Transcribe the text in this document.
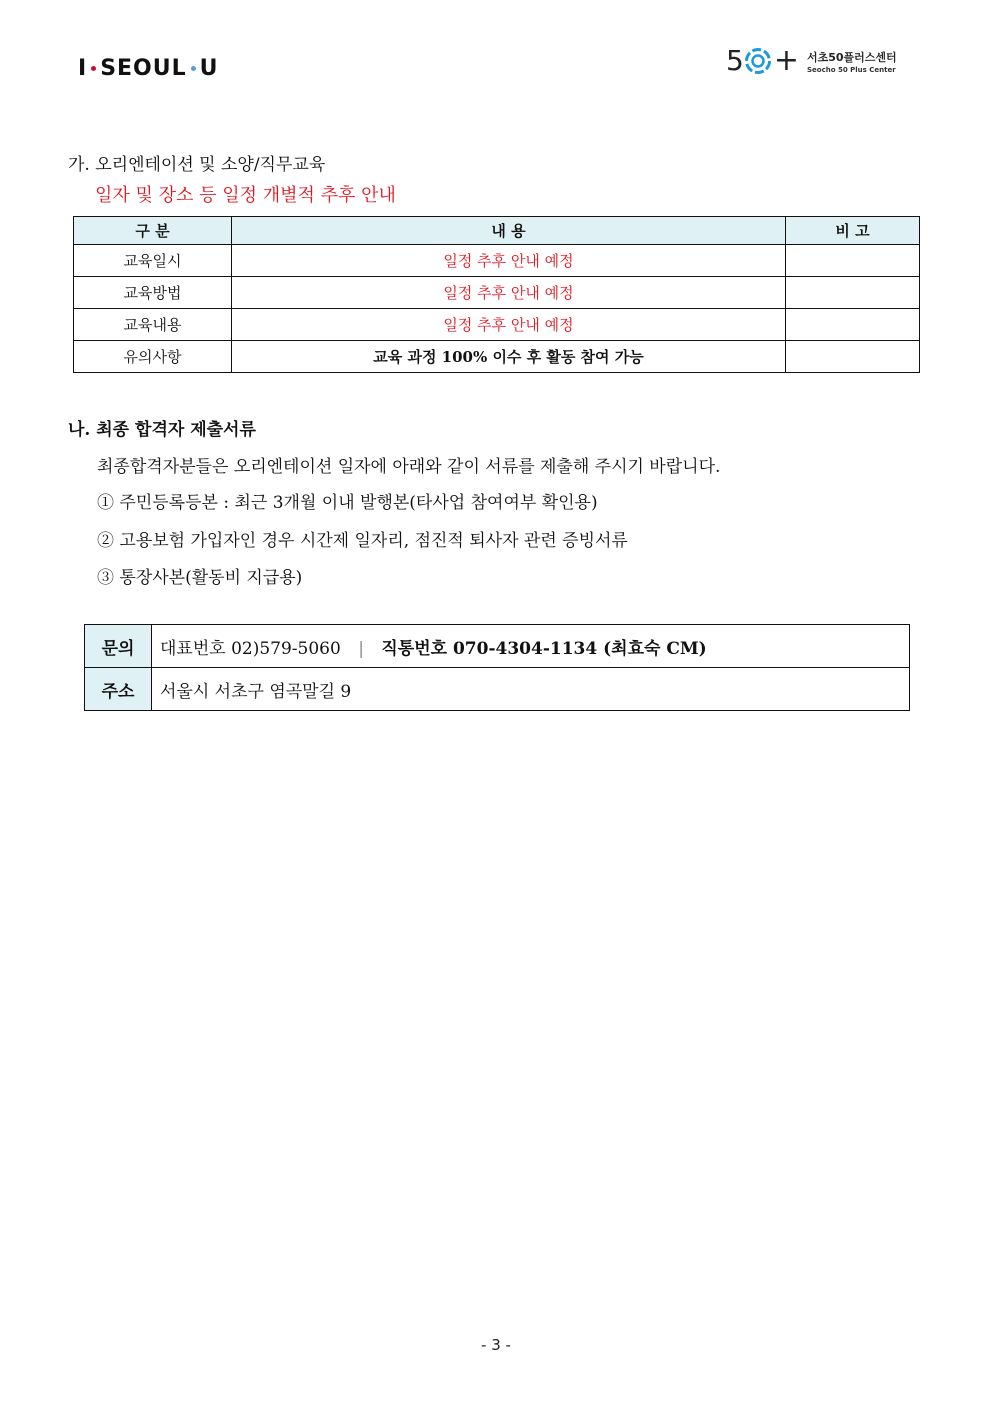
I SEOUL U	5 + 서초50플러스센터
Seocho 50 Plus Center
가. 오리엔테이션 및 소양/직무교육
일자 및 장소 등 일정 개별적 추후 안내
구 분	내 용	비 고
교육일시	일정 추후 안내 예정	
교육방법	일정 추후 안내 예정	
교육내용	일정 추후 안내 예정	
유의사항	교육 과정 100% 이수 후 활동 참여 가능	
나. 최종 합격자 제출서류
최종합격자분들은 오리엔테이션 일자에 아래와 같이 서류를 제출해 주시기 바랍니다.
① 주민등록등본 : 최근 3개월 이내 발행본(타사업 참여여부 확인용)
② 고용보험 가입자인 경우 시간제 일자리, 점진적 퇴사자 관련 증빙서류
③ 통장사본(활동비 지급용)
문의	대표번호 02)579-5060 | 직통번호 070-4304-1134 (최효숙 CM)
주소	서울시 서초구 염곡말길 9
- 3 -
